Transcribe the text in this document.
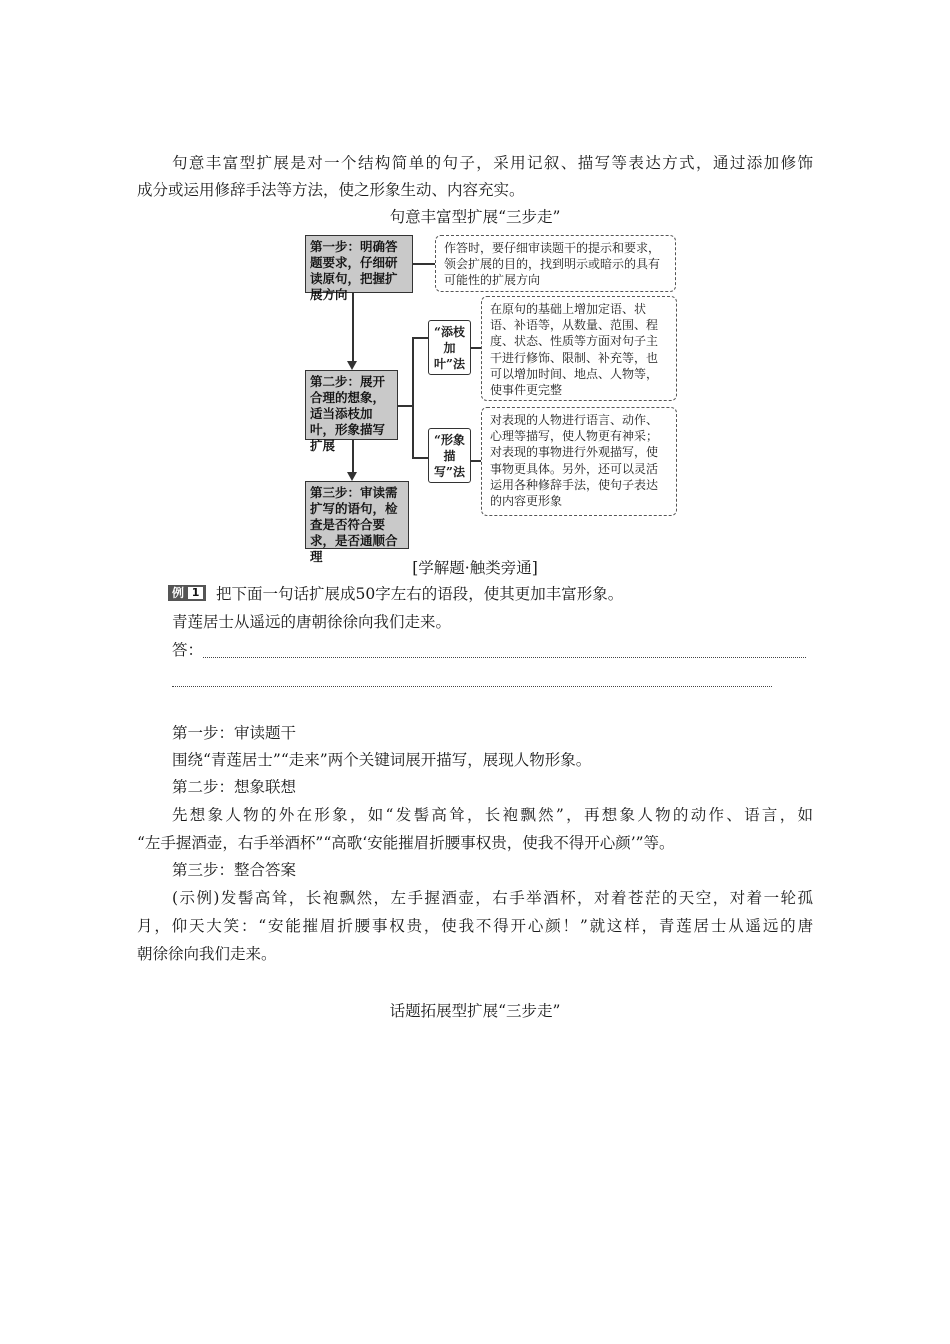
句意丰富型扩展是对一个结构简单的句子，采用记叙、描写等表达方式，通过添加修饰
成分或运用修辞手法等方法，使之形象生动、内容充实。
句意丰富型扩展“三步走”
第一步：明确答题要求，仔细研读原句，把握扩展方向
作答时，要仔细审读题干的提示和要求，领会扩展的目的，找到明示或暗示的具有可能性的扩展方向
第二步：展开合理的想象，适当添枝加叶，形象描写扩展
“添枝加叶”法
在原句的基础上增加定语、状语、补语等，从数量、范围、程度、状态、性质等方面对句子主干进行修饰、限制、补充等，也可以增加时间、地点、人物等，使事件更完整
“形象描写”法
对表现的人物进行语言、动作、心理等描写，使人物更有神采；对表现的事物进行外观描写，使事物更具体。另外，还可以灵活运用各种修辞手法，使句子表达的内容更形象
第三步：审读需扩写的语句，检查是否符合要求，是否通顺合理
[学解题·触类旁通]
例 1 把下面一句话扩展成50字左右的语段，使其更加丰富形象。
青莲居士从遥远的唐朝徐徐向我们走来。
答：
第一步：审读题干
围绕“青莲居士”“走来”两个关键词展开描写，展现人物形象。
第二步：想象联想
先想象人物的外在形象，如“发髻高耸，长袍飘然”，再想象人物的动作、语言，如
“左手握酒壶，右手举酒杯”“高歌‘安能摧眉折腰事权贵，使我不得开心颜’”等。
第三步：整合答案
(示例)发髻高耸，长袍飘然，左手握酒壶，右手举酒杯，对着苍茫的天空，对着一轮孤
月，仰天大笑：“安能摧眉折腰事权贵，使我不得开心颜！”就这样，青莲居士从遥远的唐
朝徐徐向我们走来。
话题拓展型扩展“三步走”
